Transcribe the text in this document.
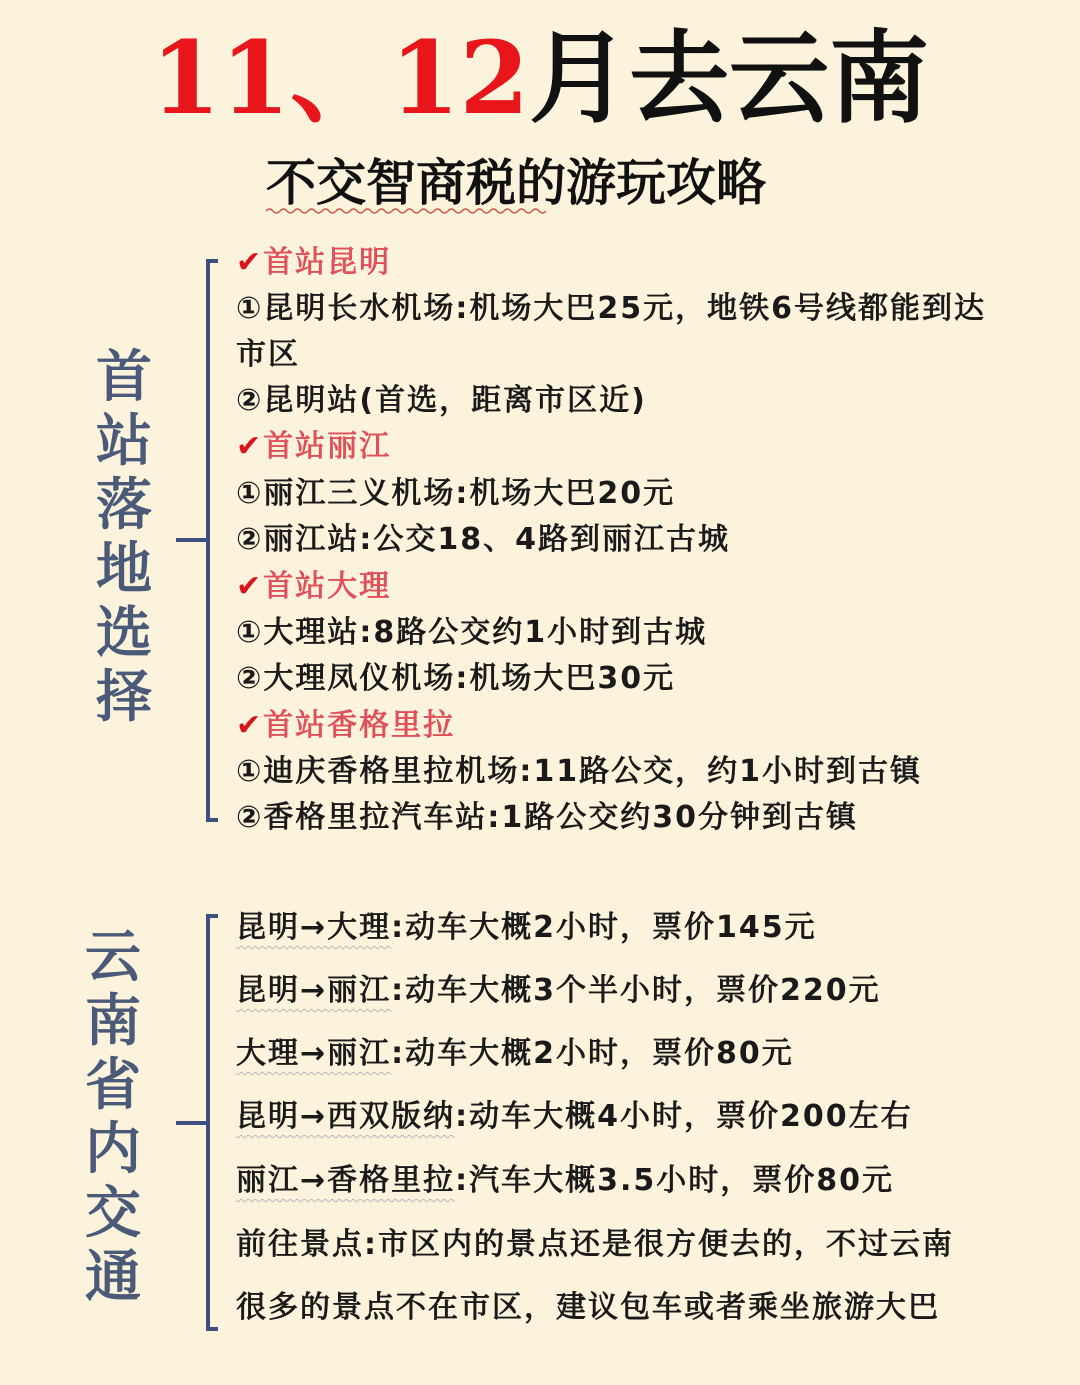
11、12月去云南
不交智商税的游玩攻略
首
站
落
地
选
择
✔首站昆明
①昆明长水机场:机场大巴25元，地铁6号线都能到达
市区
②昆明站(首选，距离市区近)
✔首站丽江
①丽江三义机场:机场大巴20元
②丽江站:公交18、4路到丽江古城
✔首站大理
①大理站:8路公交约1小时到古城
②大理凤仪机场:机场大巴30元
✔首站香格里拉
①迪庆香格里拉机场:11路公交，约1小时到古镇
②香格里拉汽车站:1路公交约30分钟到古镇
云
南
省
内
交
通
昆明→大理:动车大概2小时，票价145元
昆明→丽江:动车大概3个半小时，票价220元
大理→丽江:动车大概2小时，票价80元
昆明→西双版纳:动车大概4小时，票价200左右
丽江→香格里拉:汽车大概3.5小时，票价80元
前往景点:市区内的景点还是很方便去的，不过云南
很多的景点不在市区，建议包车或者乘坐旅游大巴
